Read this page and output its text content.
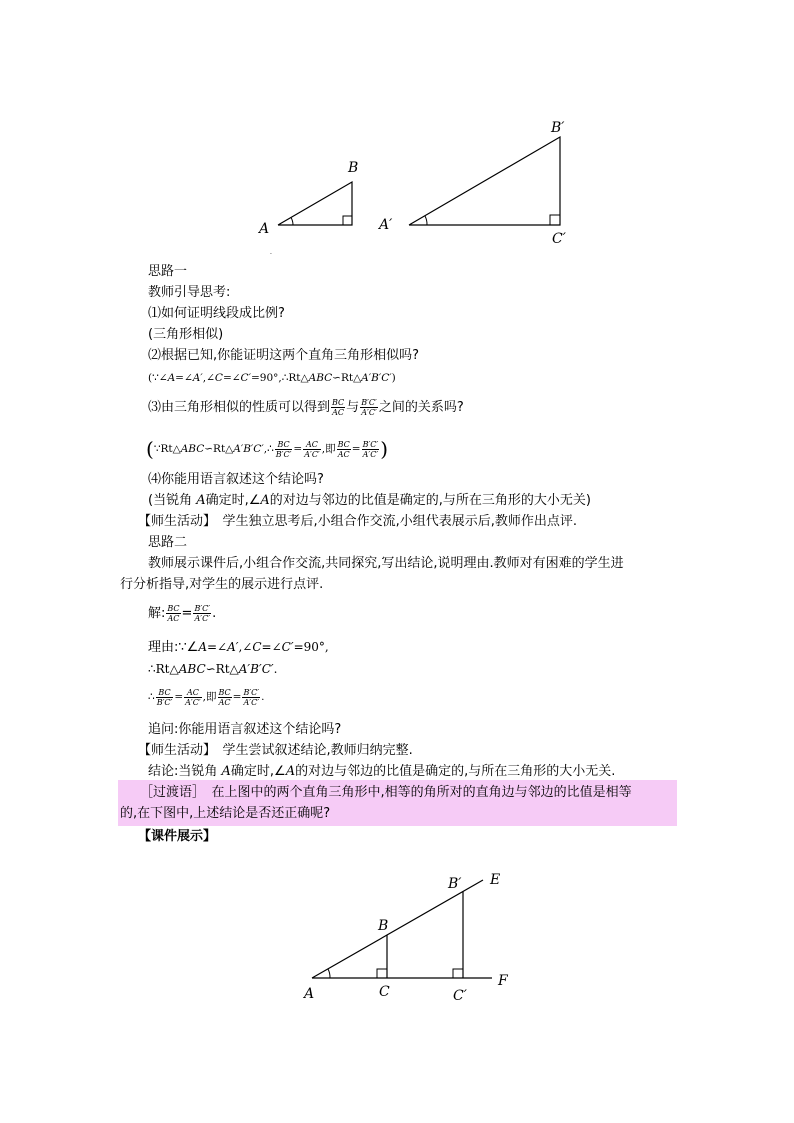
A
B
.
A′
B′
C′
思路一
教师引导思考:
⑴如何证明线段成比例?
(三角形相似)
⑵根据已知,你能证明这两个直角三角形相似吗?
(∵∠A=∠A′,∠C=∠C′=90°,∴Rt△ABC∽Rt△A′B′C′)
⑶由三角形相似的性质可以得到 $\frac{BC}{AC}$ 与 $\frac{B'C'}{A'C'}$ 之间的关系吗?
(∵Rt△ABC∽Rt△A′B′C′,∴ $\frac{BC}{B'C'} = \frac{AC}{A'C'}$ ,即 $\frac{BC}{AC} = \frac{B'C'}{A'C'}$ )
⑷你能用语言叙述这个结论吗?
(当锐角 A确定时,∠A的对边与邻边的比值是确定的,与所在三角形的大小无关)
【师生活动】　学生独立思考后,小组合作交流,小组代表展示后,教师作出点评.
思路二
教师展示课件后,小组合作交流,共同探究,写出结论,说明理由.教师对有困难的学生进
行分析指导,对学生的展示进行点评.
解: $\frac{BC}{AC} = \frac{B'C'}{A'C'}$ .
理由:∵∠A=∠A′,∠C=∠C′=90°,
∴Rt△ABC∽Rt△A′B′C′.
∴ $\frac{BC}{B'C'} = \frac{AC}{A'C'}$ ,即 $\frac{BC}{AC} = \frac{B'C'}{A'C'}$ .
追问:你能用语言叙述这个结论吗?
【师生活动】　学生尝试叙述结论,教师归纳完整.
结论:当锐角 A确定时,∠A的对边与邻边的比值是确定的,与所在三角形的大小无关.
［过渡语］　在上图中的两个直角三角形中,相等的角所对的直角边与邻边的比值是相等
的,在下图中,上述结论是否还正确呢?
【课件展示】
A
B
C
B′
C′
E
F
